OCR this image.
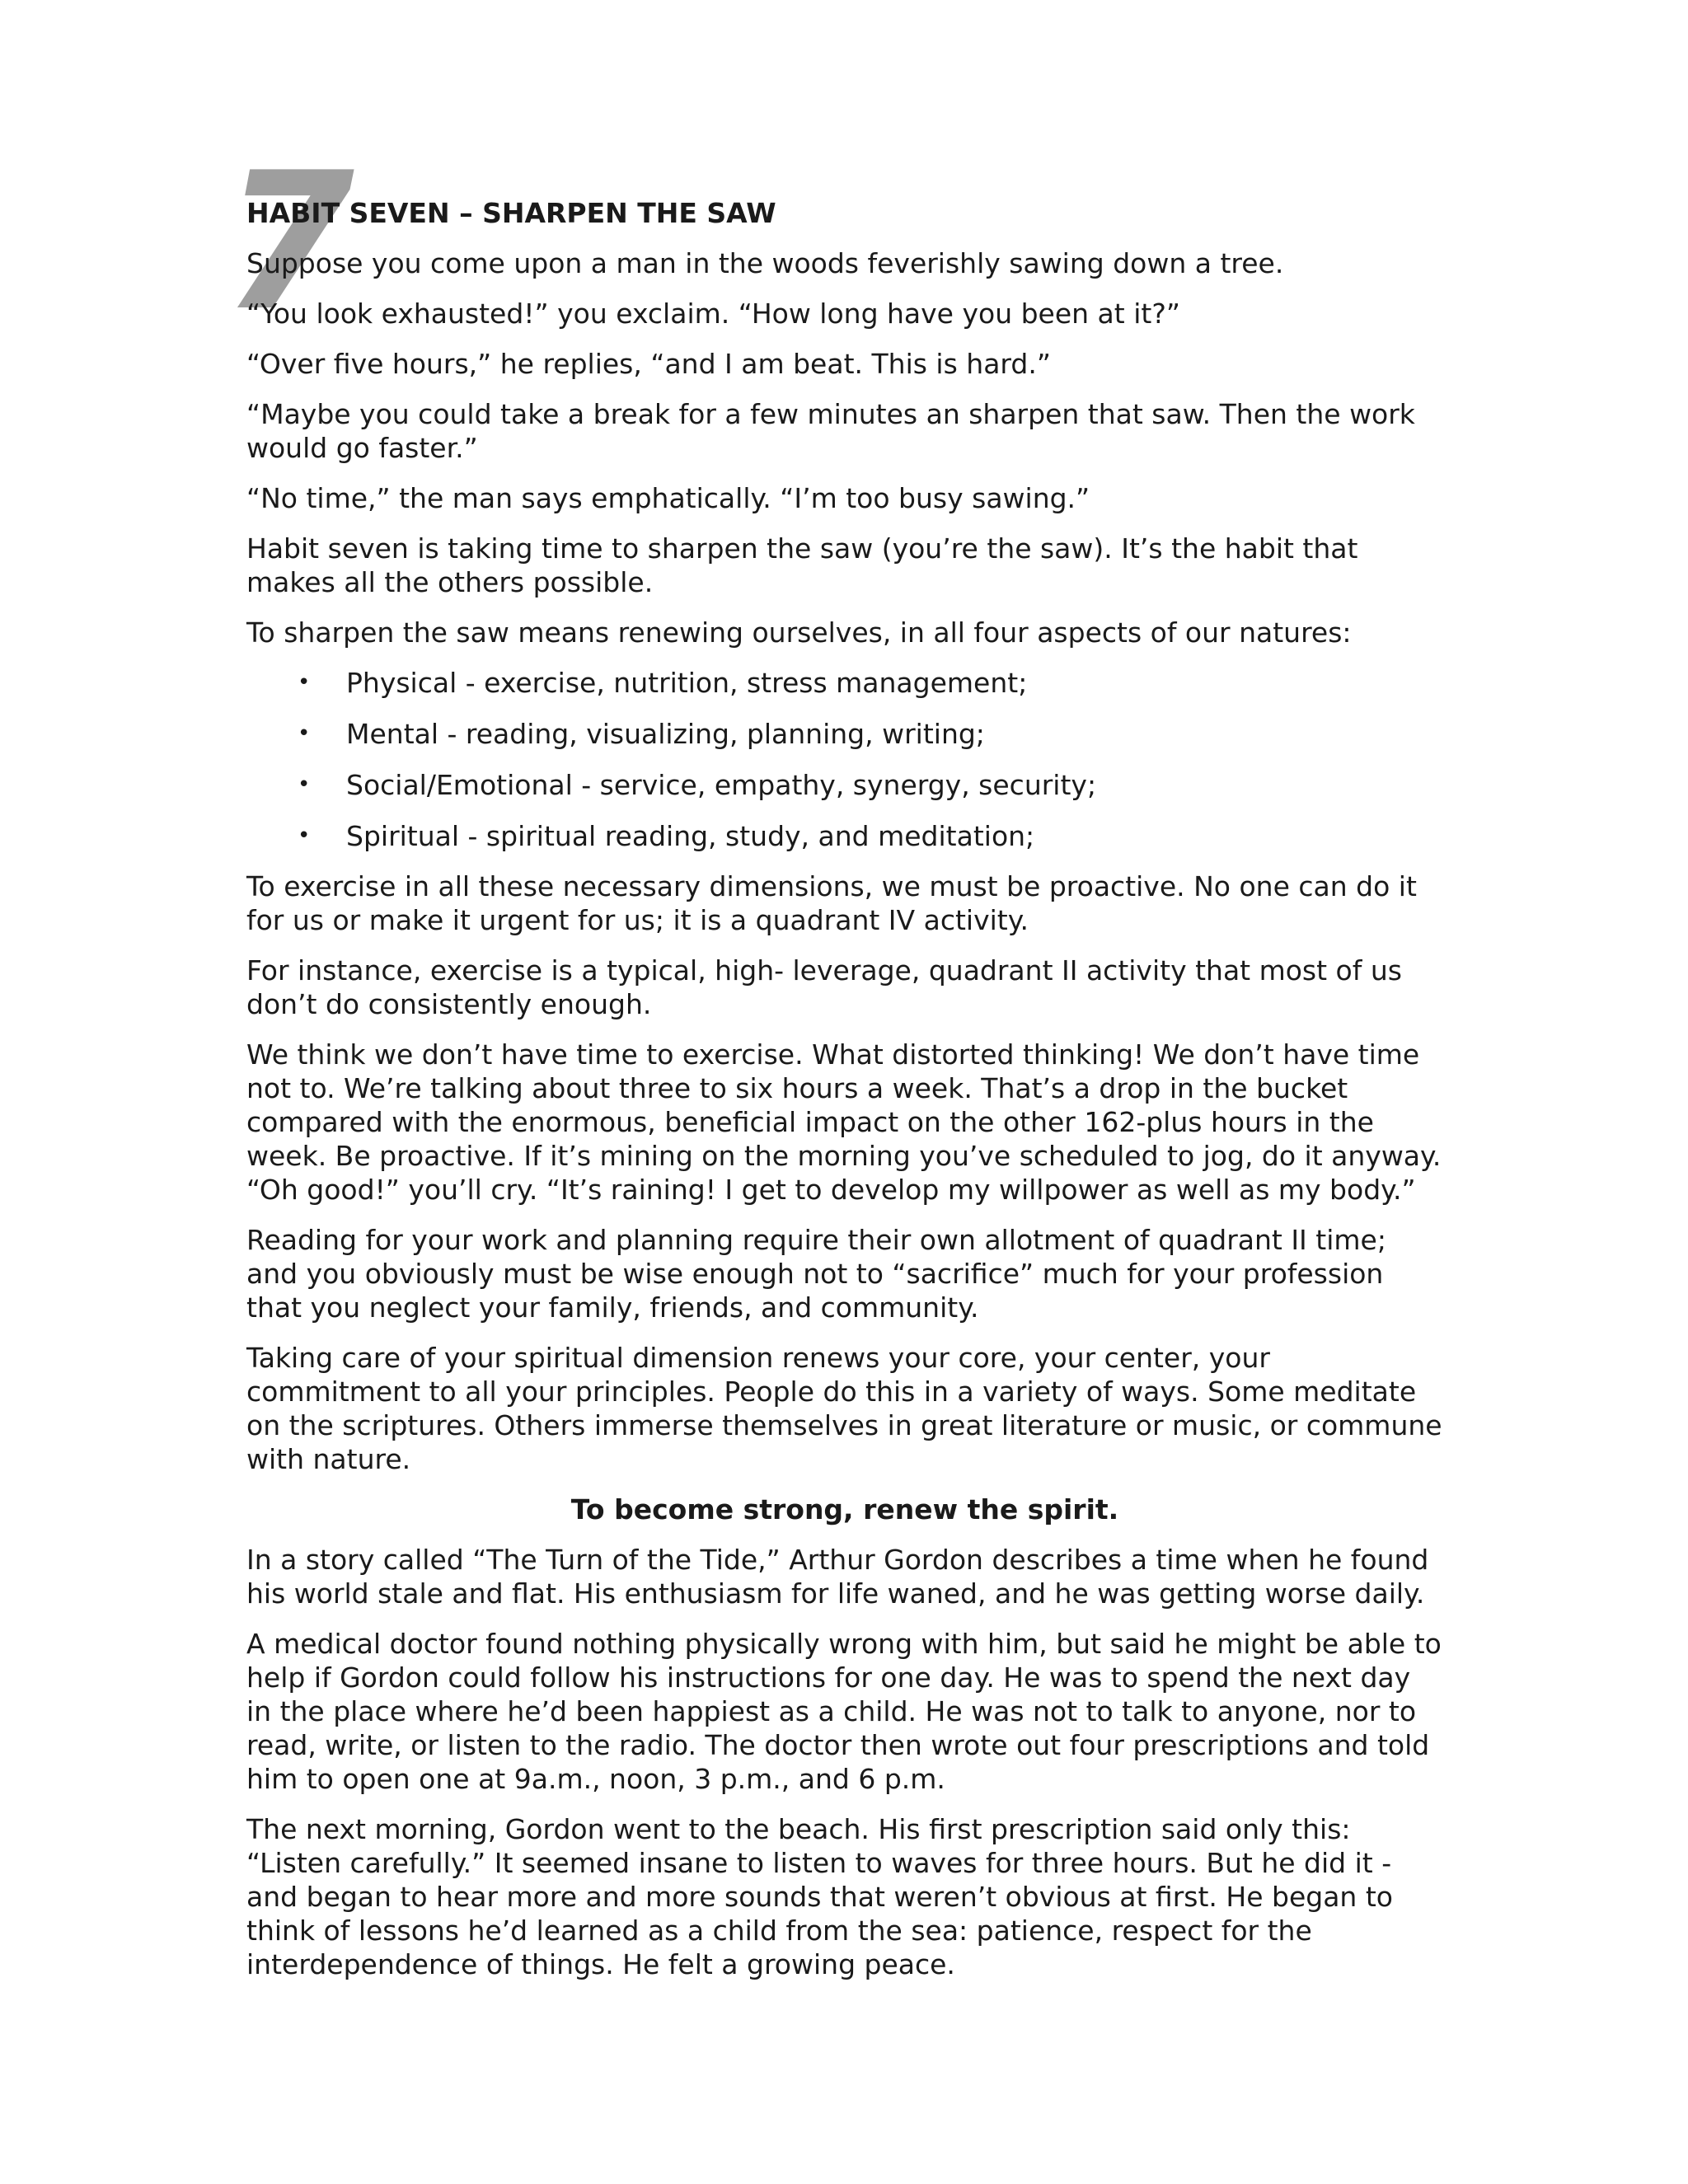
7
HABIT SEVEN – SHARPEN THE SAW

Suppose you come upon a man in the woods feverishly sawing down a tree.

“You look exhausted!” you exclaim. “How long have you been at it?”

“Over five hours,” he replies, “and I am beat. This is hard.”

“Maybe you could take a break for a few minutes an sharpen that saw. Then the work would go faster.”

“No time,” the man says emphatically. “I’m too busy sawing.”

Habit seven is taking time to sharpen the saw (you’re the saw). It’s the habit that makes all the others possible.

To sharpen the saw means renewing ourselves, in all four aspects of our natures:

• Physical - exercise, nutrition, stress management;
• Mental - reading, visualizing, planning, writing;
• Social/Emotional - service, empathy, synergy, security;
• Spiritual - spiritual reading, study, and meditation;

To exercise in all these necessary dimensions, we must be proactive. No one can do it for us or make it urgent for us; it is a quadrant IV activity.

For instance, exercise is a typical, high- leverage, quadrant II activity that most of us don’t do consistently enough.

We think we don’t have time to exercise. What distorted thinking! We don’t have time not to. We’re talking about three to six hours a week. That’s a drop in the bucket compared with the enormous, beneficial impact on the other 162-plus hours in the week. Be proactive. If it’s mining on the morning you’ve scheduled to jog, do it anyway. “Oh good!” you’ll cry. “It’s raining! I get to develop my willpower as well as my body.”

Reading for your work and planning require their own allotment of quadrant II time; and you obviously must be wise enough not to “sacrifice” much for your profession that you neglect your family, friends, and community.

Taking care of your spiritual dimension renews your core, your center, your commitment to all your principles. People do this in a variety of ways. Some meditate on the scriptures. Others immerse themselves in great literature or music, or commune with nature.

To become strong, renew the spirit.

In a story called “The Turn of the Tide,” Arthur Gordon describes a time when he found his world stale and flat. His enthusiasm for life waned, and he was getting worse daily.

A medical doctor found nothing physically wrong with him, but said he might be able to help if Gordon could follow his instructions for one day. He was to spend the next day in the place where he’d been happiest as a child. He was not to talk to anyone, nor to read, write, or listen to the radio. The doctor then wrote out four prescriptions and told him to open one at 9a.m., noon, 3 p.m., and 6 p.m.

The next morning, Gordon went to the beach. His first prescription said only this: “Listen carefully.” It seemed insane to listen to waves for three hours. But he did it - and began to hear more and more sounds that weren’t obvious at first. He began to think of lessons he’d learned as a child from the sea: patience, respect for the interdependence of things. He felt a growing peace.
